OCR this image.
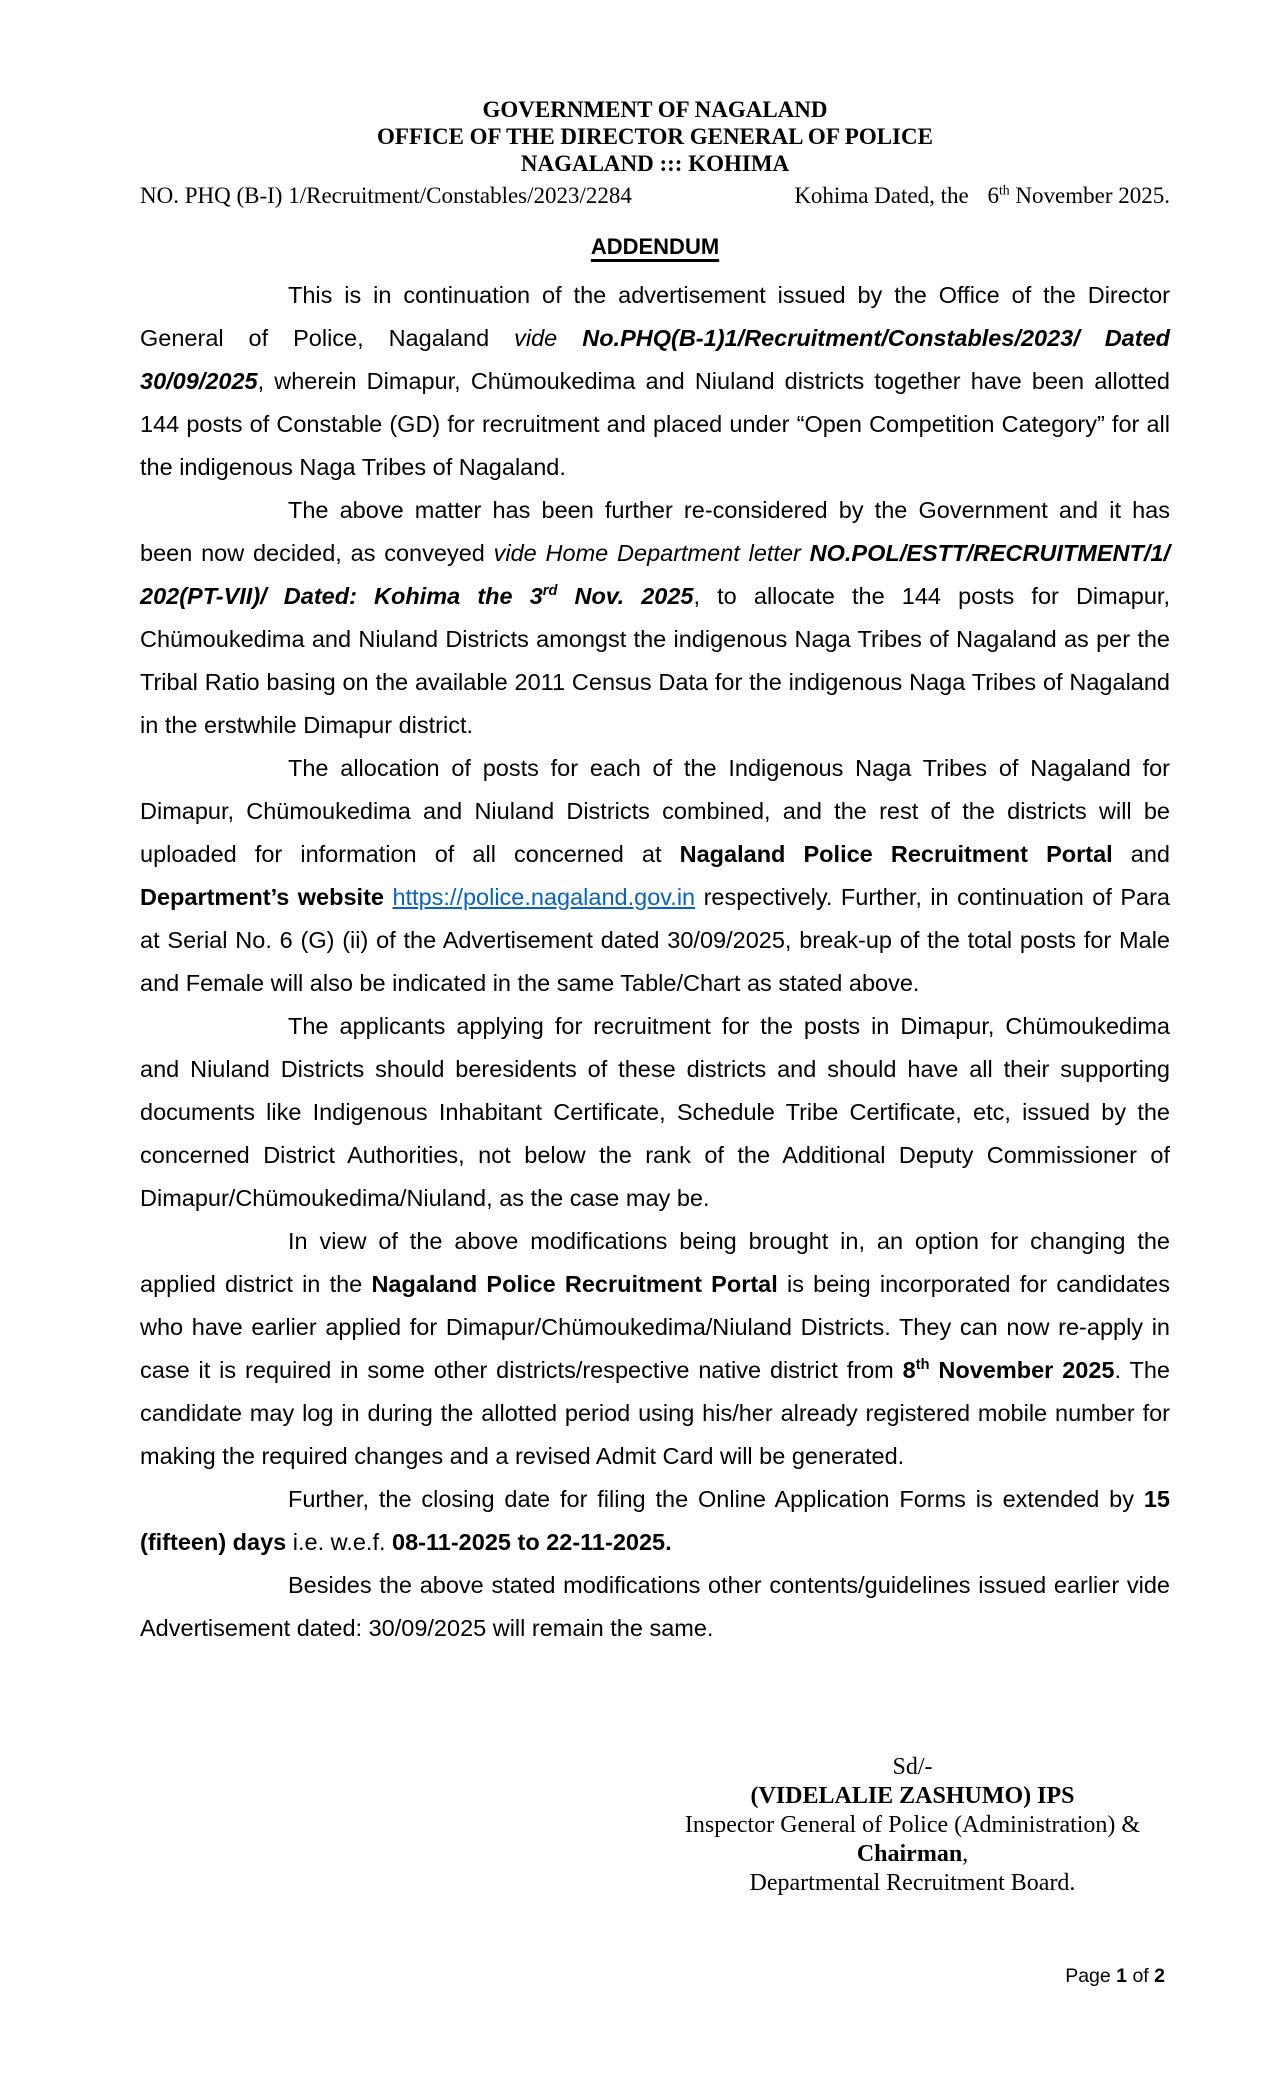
GOVERNMENT OF NAGALAND
OFFICE OF THE DIRECTOR GENERAL OF POLICE
NAGALAND ::: KOHIMA
NO. PHQ (B-I) 1/Recruitment/Constables/2023/2284	Kohima Dated, the 6th November 2025.
ADDENDUM

This is in continuation of the advertisement issued by the Office of the Director General of Police, Nagaland vide No.PHQ(B-1)1/​Recruitment/​Constables/​2023/ Dated 30/09/2025, wherein Dimapur, Chümoukedima and Niuland districts together have been allotted 144 posts of Constable (GD) for recruitment and placed under “Open Competition Category” for all the indigenous Naga Tribes of Nagaland.

The above matter has been further re-considered by the Government and it has been now decided, as conveyed vide Home Department letter NO.POL/​ESTT/​RECRUITMENT/​1/​202(PT-VII)/ Dated: Kohima the 3rd Nov. 2025, to allocate the 144 posts for Dimapur, Chümoukedima and Niuland Districts amongst the indigenous Naga Tribes of Nagaland as per the Tribal Ratio basing on the available 2011 Census Data for the indigenous Naga Tribes of Nagaland in the erstwhile Dimapur district.

The allocation of posts for each of the Indigenous Naga Tribes of Nagaland for Dimapur, Chümoukedima and Niuland Districts combined, and the rest of the districts will be uploaded for information of all concerned at Nagaland Police Recruitment Portal and Department’s website https://police.nagaland.gov.in respectively. Further, in continuation of Para at Serial No. 6 (G) (ii) of the Advertisement dated 30/09/2025, break-up of the total posts for Male and Female will also be indicated in the same Table/Chart as stated above.

The applicants applying for recruitment for the posts in Dimapur, Chümoukedima and Niuland Districts should beresidents of these districts and should have all their supporting documents like Indigenous Inhabitant Certificate, Schedule Tribe Certificate, etc, issued by the concerned District Authorities, not below the rank of the Additional Deputy Commissioner of Dimapur/Chümoukedima/Niuland, as the case may be.

In view of the above modifications being brought in, an option for changing the applied district in the Nagaland Police Recruitment Portal is being incorporated for candidates who have earlier applied for Dimapur/Chümoukedima/Niuland Districts. They can now re-apply in case it is required in some other districts/respective native district from 8th November 2025. The candidate may log in during the allotted period using his/her already registered mobile number for making the required changes and a revised Admit Card will be generated.

Further, the closing date for filing the Online Application Forms is extended by 15 (fifteen) days i.e. w.e.f. 08-11-2025 to 22-11-2025.

Besides the above stated modifications other contents/guidelines issued earlier vide Advertisement dated: 30/09/2025 will remain the same.

Sd/-
(VIDELALIE ZASHUMO) IPS
Inspector General of Police (Administration) &
Chairman,
Departmental Recruitment Board.
Page 1 of 2
